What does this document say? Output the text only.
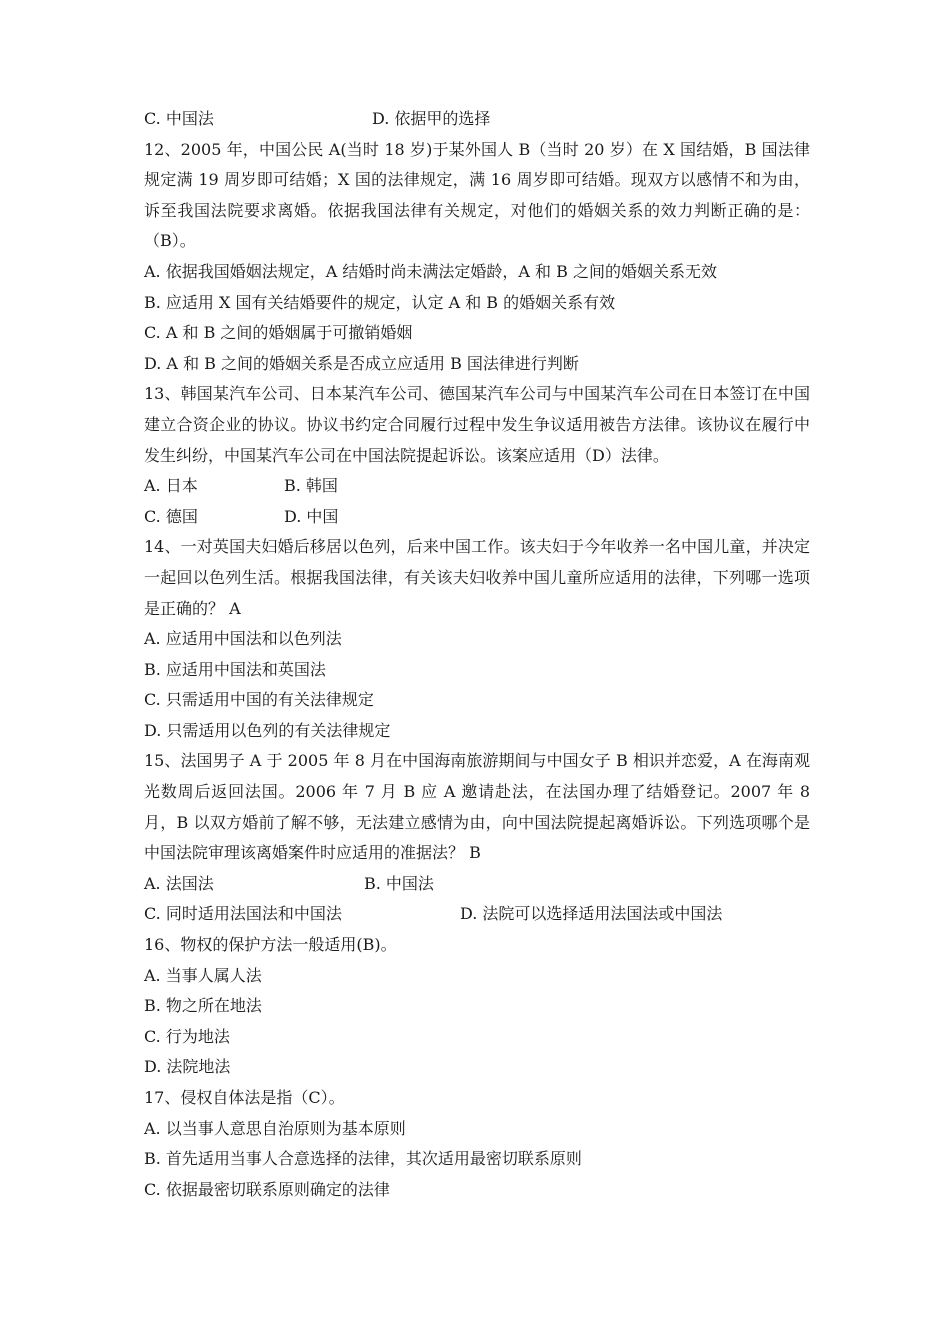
C. 中国法	D. 依据甲的选择

12、2005 年，中国公民 A(当时 18 岁)于某外国人 B（当时 20 岁）在 X 国结婚，B 国法律规定满 19 周岁即可结婚；X 国的法律规定，满 16 周岁即可结婚。现双方以感情不和为由，诉至我国法院要求离婚。依据我国法律有关规定，对他们的婚姻关系的效力判断正确的是：（B）。

A. 依据我国婚姻法规定，A 结婚时尚未满法定婚龄，A 和 B 之间的婚姻关系无效

B. 应适用 X 国有关结婚要件的规定，认定 A 和 B 的婚姻关系有效

C. A 和 B 之间的婚姻属于可撤销婚姻

D. A 和 B 之间的婚姻关系是否成立应适用 B 国法律进行判断

13、韩国某汽车公司、日本某汽车公司、德国某汽车公司与中国某汽车公司在日本签订在中国建立合资企业的协议。协议书约定合同履行过程中发生争议适用被告方法律。该协议在履行中发生纠纷，中国某汽车公司在中国法院提起诉讼。该案应适用（D）法律。

A. 日本	B. 韩国
C. 德国	D. 中国

14、一对英国夫妇婚后移居以色列，后来中国工作。该夫妇于今年收养一名中国儿童，并决定一起回以色列生活。根据我国法律，有关该夫妇收养中国儿童所应适用的法律，下列哪一选项是正确的？ A

A. 应适用中国法和以色列法

B. 应适用中国法和英国法

C. 只需适用中国的有关法律规定

D. 只需适用以色列的有关法律规定

15、法国男子 A 于 2005 年 8 月在中国海南旅游期间与中国女子 B 相识并恋爱，A 在海南观光数周后返回法国。2006 年 7 月 B 应 A 邀请赴法，在法国办理了结婚登记。2007 年 8 月，B 以双方婚前了解不够，无法建立感情为由，向中国法院提起离婚诉讼。下列选项哪个是中国法院审理该离婚案件时应适用的准据法？ B

A. 法国法	B. 中国法
C. 同时适用法国法和中国法	D. 法院可以选择适用法国法或中国法

16、物权的保护方法一般适用(B)。

A. 当事人属人法

B. 物之所在地法

C. 行为地法

D. 法院地法

17、侵权自体法是指（C）。

A. 以当事人意思自治原则为基本原则

B. 首先适用当事人合意选择的法律，其次适用最密切联系原则

C. 依据最密切联系原则确定的法律
